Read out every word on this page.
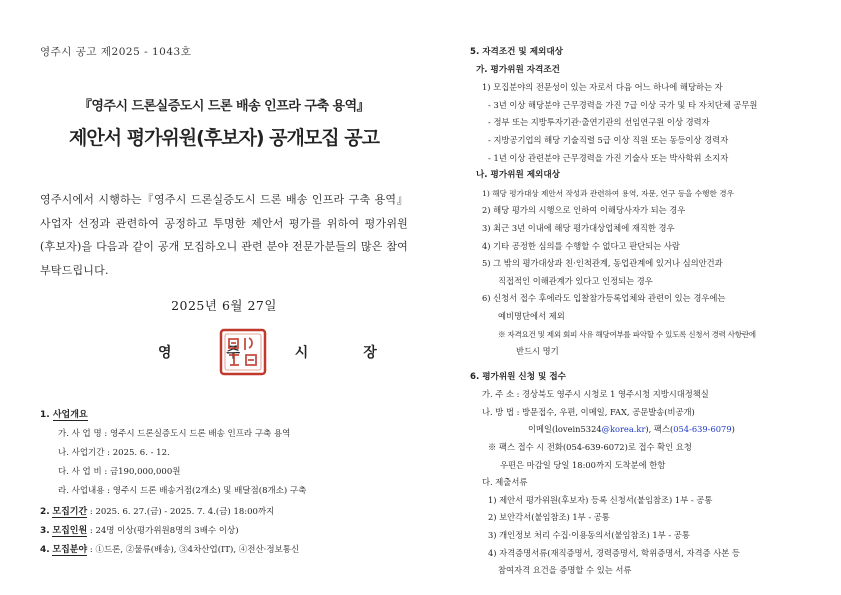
영주시 공고 제2025 - 1043호
『영주시 드론실증도시 드론 배송 인프라 구축 용역』
제안서 평가위원(후보자) 공개모집 공고
영주시에서 시행하는『영주시 드론실증도시 드론 배송 인프라 구축 용역』사업자 선정과 관련하여 공정하고 투명한 제안서 평가를 위하여 평가위원(후보자)을 다음과 같이 공개 모집하오니 관련 분야 전문가분들의 많은 참여 부탁드립니다.
2025년 6월 27일
영 주 시 장
1. 사업개요
가. 사 업 명 : 영주시 드론실증도시 드론 배송 인프라 구축 용역
나. 사업기간 : 2025. 6. - 12.
다. 사 업 비 : 금190,000,000원
라. 사업내용 : 영주시 드론 배송거점(2개소) 및 배달점(8개소) 구축
2. 모집기간 : 2025. 6. 27.(금) - 2025. 7. 4.(금) 18:00까지
3. 모집인원 : 24명 이상(평가위원8명의 3배수 이상)
4. 모집분야 : ①드론, ②물류(배송), ③4차산업(IT), ④전산·정보통신
5. 자격조건 및 제외대상
가. 평가위원 자격조건
1) 모집분야의 전문성이 있는 자로서 다음 어느 하나에 해당하는 자
- 3년 이상 해당분야 근무경력을 가진 7급 이상 국가 및 타 자치단체 공무원
- 정부 또는 지방투자기관·출연기관의 선임연구원 이상 경력자
- 지방공기업의 해당 기술직렬 5급 이상 직원 또는 동등이상 경력자
- 1년 이상 관련분야 근무경력을 가진 기술사 또는 박사학위 소지자
나. 평가위원 제외대상
1) 해당 평가대상 제안서 작성과 관련하여 용역, 자문, 연구 등을 수행한 경우
2) 해당 평가의 시행으로 인하여 이해당사자가 되는 경우
3) 최근 3년 이내에 해당 평가대상업체에 재직한 경우
4) 기타 공정한 심의를 수행할 수 없다고 판단되는 사람
5) 그 밖의 평가대상과 친·인척관계, 동업관계에 있거나 심의안건과
직접적인 이해관계가 있다고 인정되는 경우
6) 신청서 접수 후에라도 입찰참가등록업체와 관련이 있는 경우에는
예비명단에서 제외
※ 자격요건 및 제외 회피 사유 해당여부를 파악할 수 있도록 신청서 경력 사항란에
반드시 명기
6. 평가위원 신청 및 접수
가. 주 소 : 경상북도 영주시 시청로 1 영주시청 지방시대정책실
나. 방 법 : 방문접수, 우편, 이메일, FAX, 공문발송(비공개)
이메일(lovein5324@korea.kr), 팩스(054-639-6079)
※ 팩스 접수 시 전화(054-639-6072)로 접수 확인 요청
우편은 마감일 당일 18:00까지 도착분에 한함
다. 제출서류
1) 제안서 평가위원(후보자) 등록 신청서(붙임참조) 1부 - 공통
2) 보안각서(붙임참조) 1부 - 공통
3) 개인정보 처리 수집·이용동의서(붙임참조) 1부 - 공통
4) 자격증명서류(재직증명서, 경력증명서, 학위증명서, 자격증 사본 등
참여자격 요건을 증명할 수 있는 서류
